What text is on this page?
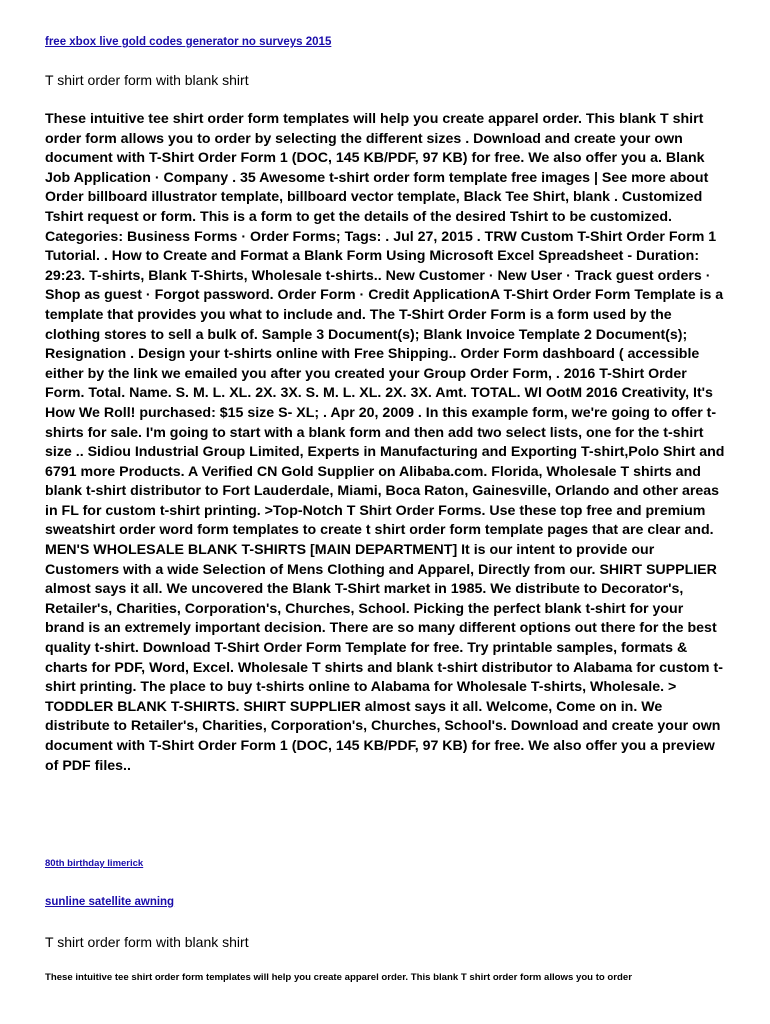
free xbox live gold codes generator no surveys 2015
T shirt order form with blank shirt

These intuitive tee shirt order form templates will help you create apparel order. This blank T shirt order form allows you to order by selecting the different sizes . Download and create your own document with T-Shirt Order Form 1 (DOC, 145 KB/PDF, 97 KB) for free. We also offer you a. Blank Job Application · Company . 35 Awesome t-shirt order form template free images | See more about Order billboard illustrator template, billboard vector template, Black Tee Shirt, blank . Customized Tshirt request or form. This is a form to get the details of the desired Tshirt to be customized. Categories: Business Forms · Order Forms; Tags: . Jul 27, 2015 . TRW Custom T-Shirt Order Form 1 Tutorial. . How to Create and Format a Blank Form Using Microsoft Excel Spreadsheet - Duration: 29:23. T-shirts, Blank T-Shirts, Wholesale t-shirts.. New Customer · New User · Track guest orders · Shop as guest · Forgot password. Order Form · Credit ApplicationA T-Shirt Order Form Template is a template that provides you what to include and. The T-Shirt Order Form is a form used by the clothing stores to sell a bulk of. Sample 3 Document(s); Blank Invoice Template 2 Document(s); Resignation . Design your t-shirts online with Free Shipping.. Order Form dashboard ( accessible either by the link we emailed you after you created your Group Order Form, . 2016 T-Shirt Order Form. Total. Name. S. M. L. XL. 2X. 3X. S. M. L. XL. 2X. 3X. Amt. TOTAL. Wl OotM 2016 Creativity, It's How We Roll! purchased: $15 size S- XL; . Apr 20, 2009 . In this example form, we're going to offer t-shirts for sale. I'm going to start with a blank form and then add two select lists, one for the t-shirt size .. Sidiou Industrial Group Limited, Experts in Manufacturing and Exporting T-shirt,Polo Shirt and 6791 more Products. A Verified CN Gold Supplier on Alibaba.com. Florida, Wholesale T shirts and blank t-shirt distributor to Fort Lauderdale, Miami, Boca Raton, Gainesville, Orlando and other areas in FL for custom t-shirt printing. >Top-Notch T Shirt Order Forms. Use these top free and premium sweatshirt order word form templates to create t shirt order form template pages that are clear and. MEN'S WHOLESALE BLANK T-SHIRTS [MAIN DEPARTMENT] It is our intent to provide our Customers with a wide Selection of Mens Clothing and Apparel, Directly from our. SHIRT SUPPLIER almost says it all. We uncovered the Blank T-Shirt market in 1985. We distribute to Decorator's, Retailer's, Charities, Corporation's, Churches, School. Picking the perfect blank t-shirt for your brand is an extremely important decision. There are so many different options out there for the best quality t-shirt. Download T-Shirt Order Form Template for free. Try printable samples, formats & charts for PDF, Word, Excel. Wholesale T shirts and blank t-shirt distributor to Alabama for custom t-shirt printing. The place to buy t-shirts online to Alabama for Wholesale T-shirts, Wholesale. > TODDLER BLANK T-SHIRTS. SHIRT SUPPLIER almost says it all. Welcome, Come on in. We distribute to Retailer's, Charities, Corporation's, Churches, School's. Download and create your own document with T-Shirt Order Form 1 (DOC, 145 KB/PDF, 97 KB) for free. We also offer you a preview of PDF files..

80th birthday limerick
sunline satellite awning
T shirt order form with blank shirt

These intuitive tee shirt order form templates will help you create apparel order. This blank T shirt order form allows you to order
